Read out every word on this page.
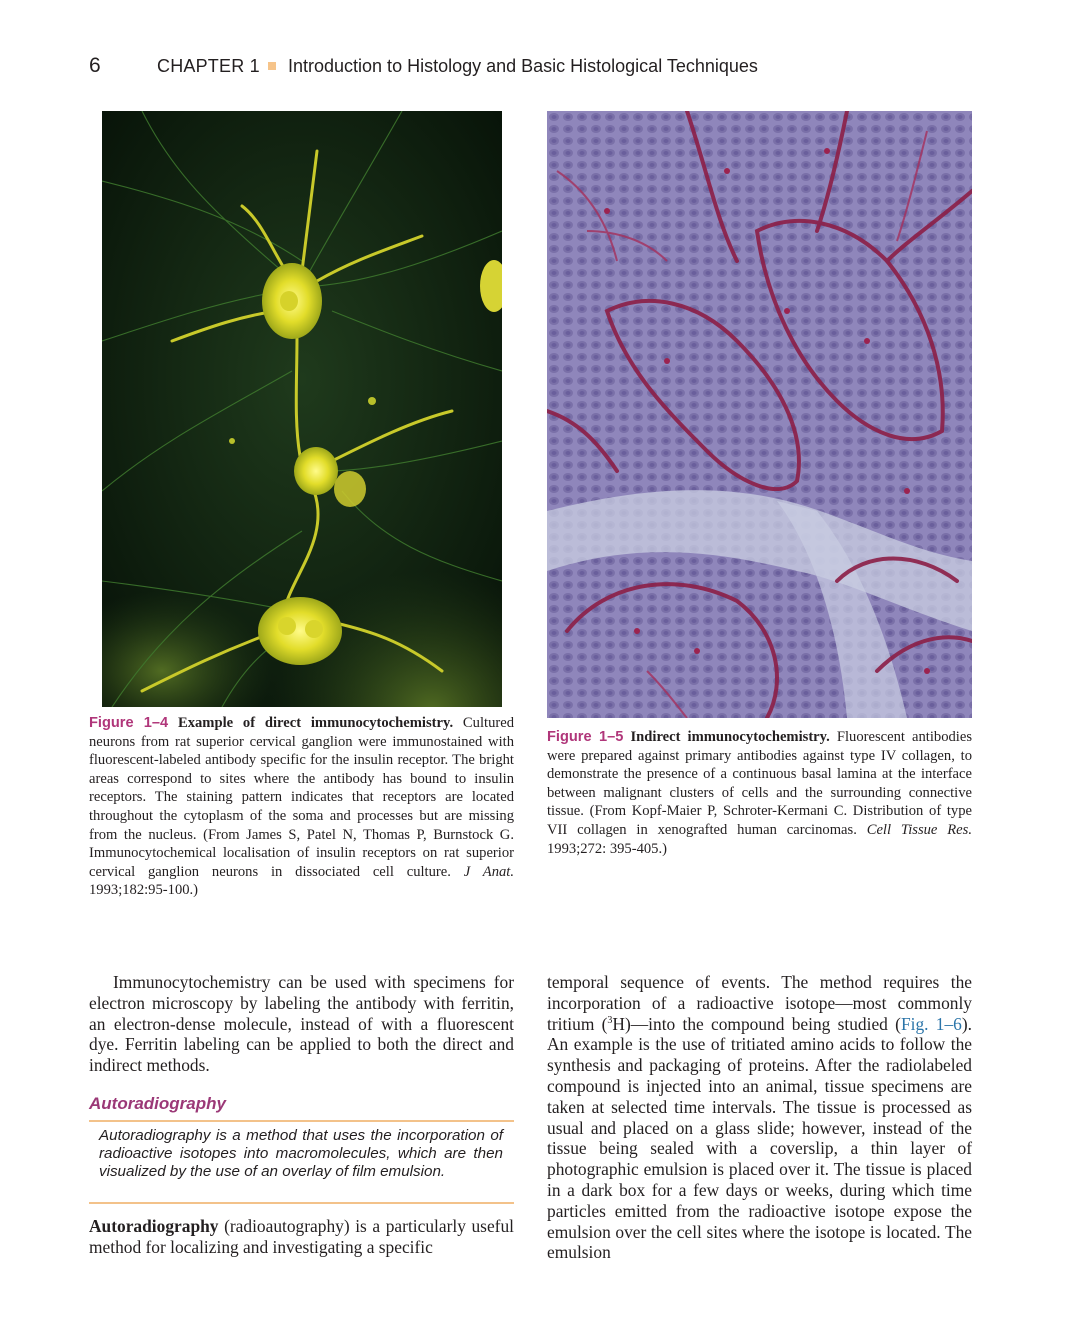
6	CHAPTER 1 Introduction to Histology and Basic Histological Techniques
Figure 1–4 Example of direct immunocytochemistry. Cultured neurons from rat superior cervical ganglion were immunostained with fluorescent-labeled antibody specific for the insulin receptor. The bright areas correspond to sites where the antibody has bound to insulin receptors. The staining pattern indicates that receptors are located throughout the cytoplasm of the soma and processes but are missing from the nucleus. (From James S, Patel N, Thomas P, Burnstock G. Immunocytochemical localisation of insulin receptors on rat superior cervical ganglion neurons in dissociated cell culture. J Anat. 1993;182:95-100.)
Figure 1–5 Indirect immunocytochemistry. Fluorescent antibodies were prepared against primary antibodies against type IV collagen, to demonstrate the presence of a continuous basal lamina at the interface between malignant clusters of cells and the surrounding connective tissue. (From Kopf-Maier P, Schroter-Kermani C. Distribution of type VII collagen in xenografted human carcinomas. Cell Tissue Res. 1993;272: 395-405.)
Immunocytochemistry can be used with specimens for electron microscopy by labeling the antibody with ferritin, an electron-dense molecule, instead of with a fluorescent dye. Ferritin labeling can be applied to both the direct and indirect methods.
Autoradiography
Autoradiography is a method that uses the incorporation of radioactive isotopes into macromolecules, which are then visualized by the use of an overlay of film emulsion.
Autoradiography (radioautography) is a particularly useful method for localizing and investigating a specific
temporal sequence of events. The method requires the incorporation of a radioactive isotope—most commonly tritium ($^3$H)—into the compound being studied (Fig. 1–6). An example is the use of tritiated amino acids to follow the synthesis and packaging of proteins. After the radiolabeled compound is injected into an animal, tissue specimens are taken at selected time intervals. The tissue is processed as usual and placed on a glass slide; however, instead of the tissue being sealed with a coverslip, a thin layer of photographic emulsion is placed over it. The tissue is placed in a dark box for a few days or weeks, during which time particles emitted from the radioactive isotope expose the emulsion over the cell sites where the isotope is located. The emulsion
